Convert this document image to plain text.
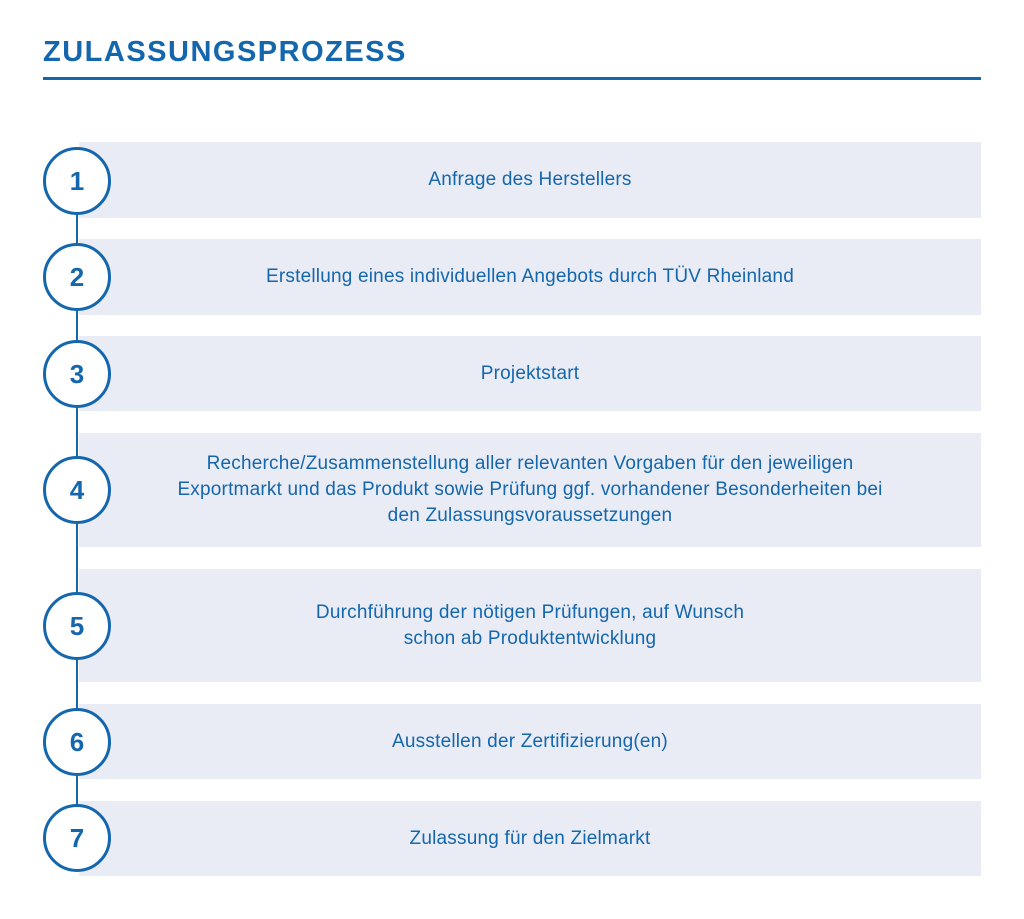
ZULASSUNGSPROZESS
Anfrage des Herstellers
1
Erstellung eines individuellen Angebots durch TÜV Rheinland
2
Projektstart
3
Recherche/Zusammenstellung aller relevanten Vorgaben für den jeweiligen Exportmarkt und das Produkt sowie Prüfung ggf. vorhandener Besonderheiten bei den Zulassungsvoraussetzungen
4
Durchführung der nötigen Prüfungen, auf Wunsch schon ab Produktentwicklung
5
Ausstellen der Zertifizierung(en)
6
Zulassung für den Zielmarkt
7
